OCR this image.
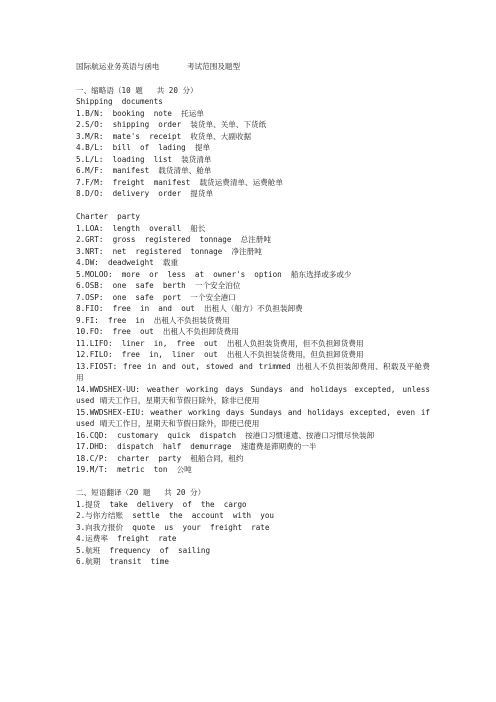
国际航运业务英语与函电      考试范围及题型
一、缩略语（10 题   共 20 分）
Shipping  documents
1.B/N:  booking  note  托运单
2.S/O:  shipping  order  装货单、关单、下货纸
3.M/R:  mate's  receipt  收货单、大副收据
4.B/L:  bill  of  lading  提单
5.L/L:  loading  list  装货清单
6.M/F:  manifest  载货清单、舱单
7.F/M:  freight  manifest  载货运费清单、运费舱单
8.D/O:  delivery  order  提货单
Charter  party
1.LOA:  length  overall  船长
2.GRT:  gross  registered  tonnage  总注册吨
3.NRT:  net  registered  tonnage  净注册吨
4.DW:  deadweight  载重
5.MOLOO:  more  or  less  at  owner's  option  船东选择或多或少
6.OSB:  one  safe  berth  一个安全泊位
7.OSP:  one  safe  port  一个安全港口
8.FIO:  free  in  and  out  出租人（船方）不负担装卸费
9.FI:  free  in  出租人不负担装货费用
10.FO:  free  out  出租人不负担卸货费用
11.LIFO:  liner  in,  free  out  出租人负担装货费用，但不负担卸货费用
12.FILO:  free  in,  liner  out  出租人不负担装货费用，但负担卸货费用
13.FIOST: free in and out, stowed and trimmed 出租人不负担装卸费用、积载及平舱费用
14.WWDSHEX-UU: weather working days Sundays and holidays excepted, unless used 晴天工作日，星期天和节假日除外，除非已使用
15.WWDSHEX-EIU: weather working days Sundays and holidays excepted, even if used 晴天工作日，星期天和节假日除外，即使已使用
16.CQD:  customary  quick  dispatch  按港口习惯速遣、按港口习惯尽快装卸
17.DHD:  dispatch  half  demurrage  速遣费是滞期费的一半
18.C/P:  charter  party  租船合同，租约
19.M/T:  metric  ton  公吨
二、短语翻译（20 题   共 20 分）
1.提货  take  delivery  of  the  cargo
2.与你方结账  settle  the  account  with  you
3.向我方报价  quote  us  your  freight  rate
4.运费率  freight  rate
5.航班  frequency  of  sailing
6.航期  transit  time
